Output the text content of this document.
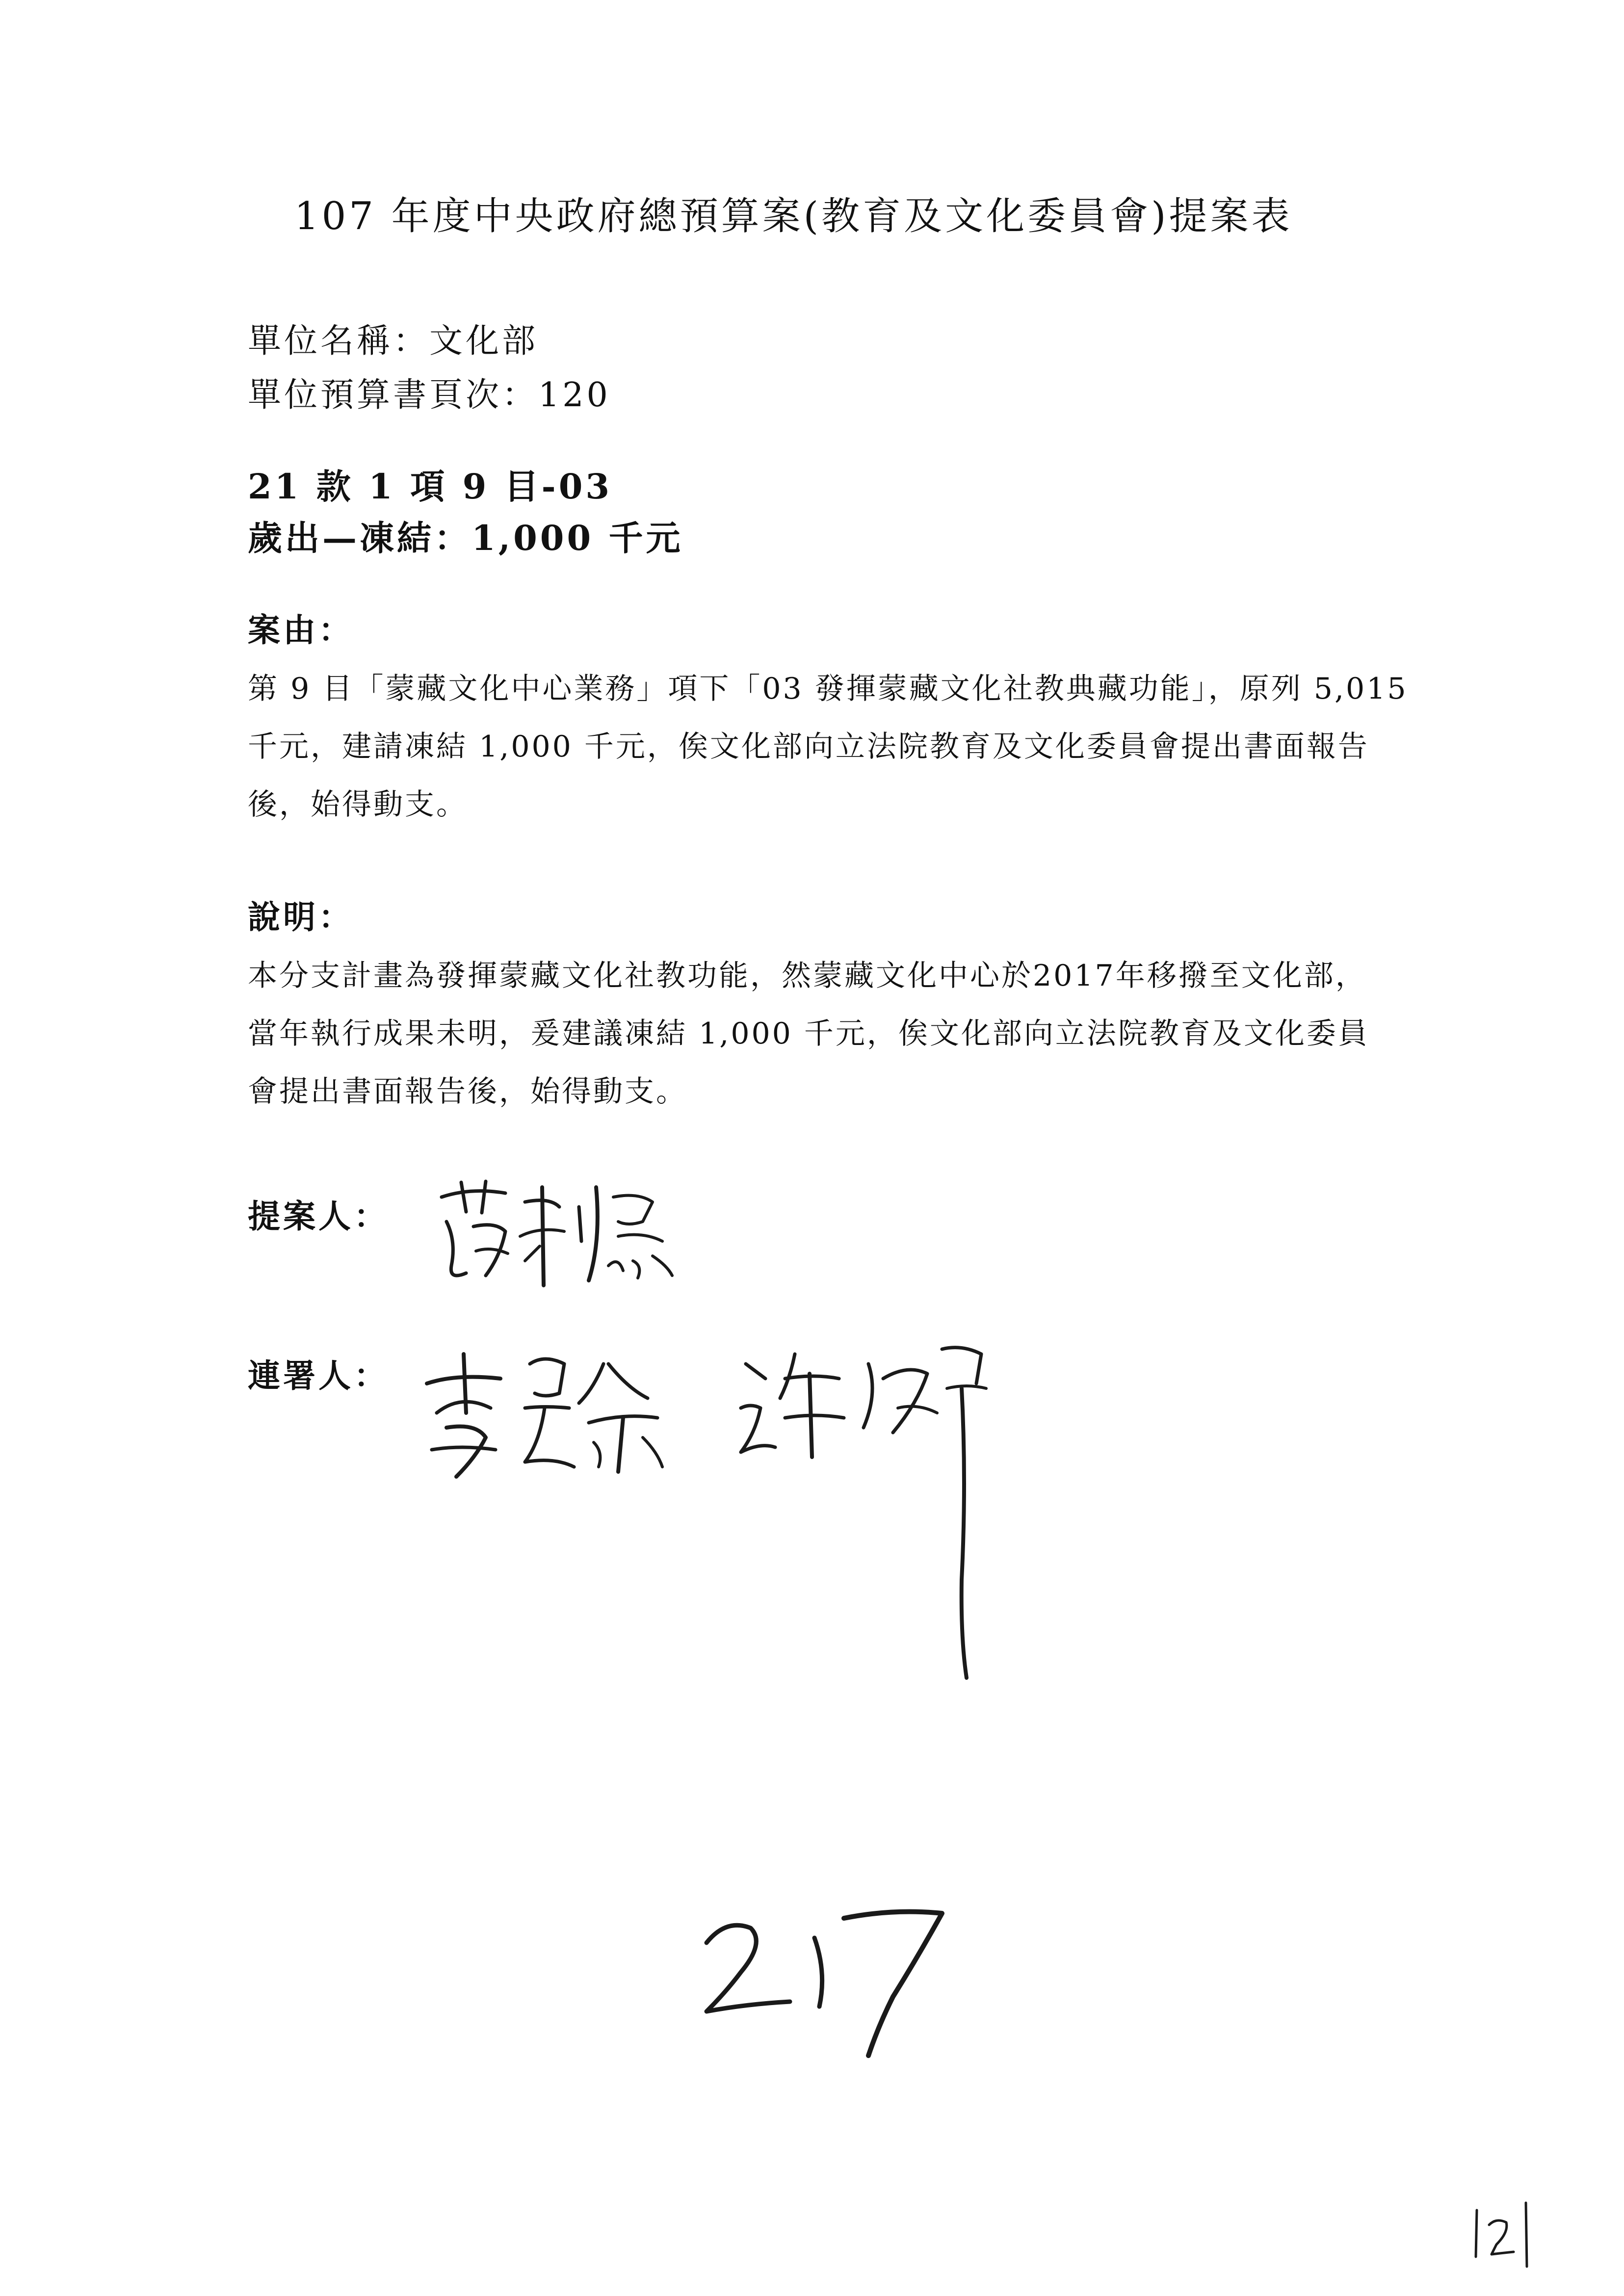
107 年度中央政府總預算案(教育及文化委員會)提案表
單位名稱：文化部
單位預算書頁次：120
21 款 1 項 9 目-03
歲出—凍結：1,000 千元
案由：
第 9 目「蒙藏文化中心業務」項下「03 發揮蒙藏文化社教典藏功能」，原列 5,015
千元，建請凍結 1,000 千元，俟文化部向立法院教育及文化委員會提出書面報告
後，始得動支。
說明：
本分支計畫為發揮蒙藏文化社教功能，然蒙藏文化中心於2017年移撥至文化部，
當年執行成果未明，爰建議凍結 1,000 千元，俟文化部向立法院教育及文化委員
會提出書面報告後，始得動支。
提案人：
連署人：
